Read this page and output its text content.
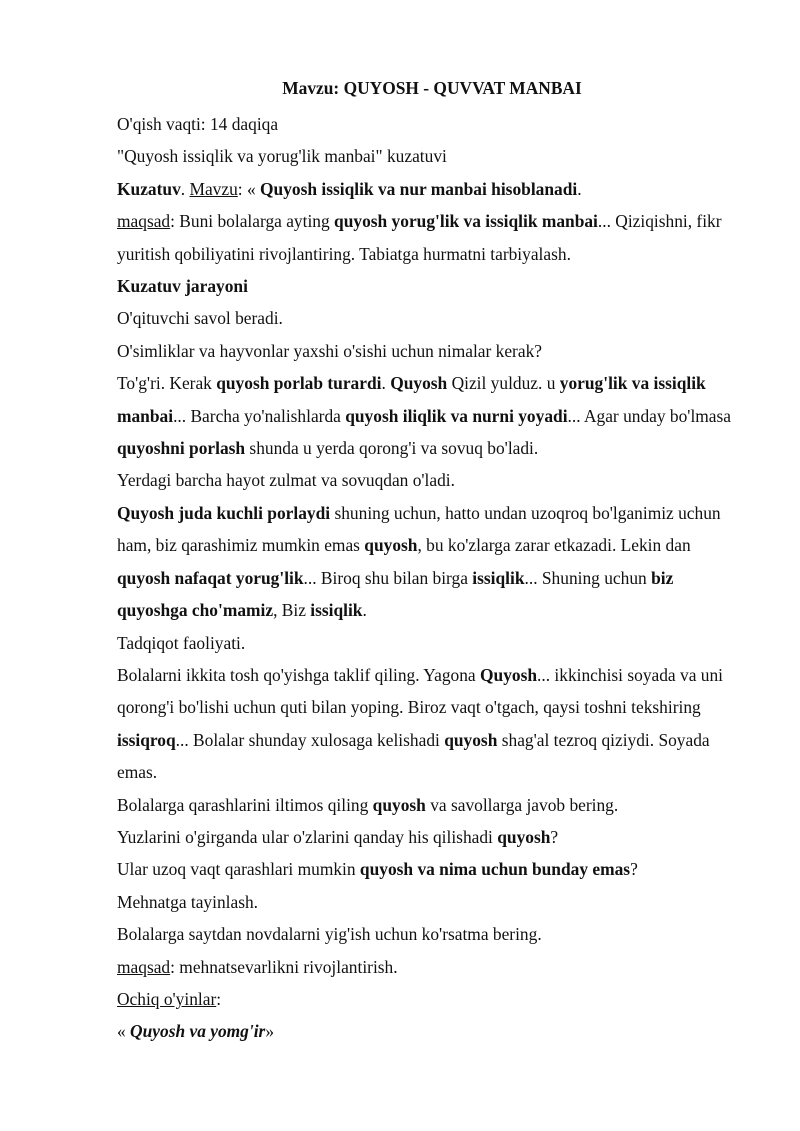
Mavzu: QUYOSH - QUVVAT MANBAI

O'qish vaqti: 14 daqiqa

"Quyosh issiqlik va yorug'lik manbai" kuzatuvi

Kuzatuv. Mavzu: « Quyosh issiqlik va nur manbai hisoblanadi.

maqsad: Buni bolalarga ayting quyosh yorug'lik va issiqlik manbai... Qiziqishni, fikr yuritish qobiliyatini rivojlantiring. Tabiatga hurmatni tarbiyalash.

Kuzatuv jarayoni

O'qituvchi savol beradi.

O'simliklar va hayvonlar yaxshi o'sishi uchun nimalar kerak?

To'g'ri. Kerak quyosh porlab turardi. Quyosh Qizil yulduz. u yorug'lik va issiqlik manbai... Barcha yo'nalishlarda quyosh iliqlik va nurni yoyadi... Agar unday bo'lmasa quyoshni porlash shunda u yerda qorong'i va sovuq bo'ladi.

Yerdagi barcha hayot zulmat va sovuqdan o'ladi.

Quyosh juda kuchli porlaydi shuning uchun, hatto undan uzoqroq bo'lganimiz uchun ham, biz qarashimiz mumkin emas quyosh, bu ko'zlarga zarar etkazadi. Lekin dan quyosh nafaqat yorug'lik... Biroq shu bilan birga issiqlik... Shuning uchun biz quyoshga cho'mamiz, Biz issiqlik.

Tadqiqot faoliyati.

Bolalarni ikkita tosh qo'yishga taklif qiling. Yagona Quyosh... ikkinchisi soyada va uni qorong'i bo'lishi uchun quti bilan yoping. Biroz vaqt o'tgach, qaysi toshni tekshiring issiqroq... Bolalar shunday xulosaga kelishadi quyosh shag'al tezroq qiziydi. Soyada emas.

Bolalarga qarashlarini iltimos qiling quyosh va savollarga javob bering.

Yuzlarini o'girganda ular o'zlarini qanday his qilishadi quyosh?

Ular uzoq vaqt qarashlari mumkin quyosh va nima uchun bunday emas?

Mehnatga tayinlash.

Bolalarga saytdan novdalarni yig'ish uchun ko'rsatma bering.

maqsad: mehnatsevarlikni rivojlantirish.

Ochiq o'yinlar:

« Quyosh va yomg'ir»
